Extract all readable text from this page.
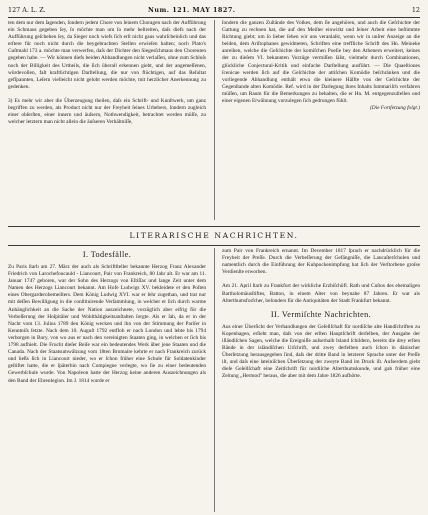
127 A. L. Z.	Num. 121. MAY 1827.	12

ten dem nur dem ſagenden, ſondern jedem Chore von ſeinem Choragen nach der Aufführung ein Schmaus gegeben ſey, ſo möchte man um ſo mehr beſtreiten, daſs diefs nach der Aufführung geſchehen ſey, da Sieger noch wiefs ſich erſt nicht gaus wahrſcheinlich und das erſtere für noch nicht durch die beygebrachten Stellen erwieſen halten; noch Plato's Gaſtmahl 173 a. möchte man verwerfen, daſs der Dichter den Siegesſchmaus den Choreuten gegeben habe. — Wir können diefs beiden Abhandlungen nicht verlaſſen, ohne zum Schluſs noch der Billigkeit des Urtheils, die ſich überall erkennen giebt, und der angemeſſenen, würdevollen, faſt kraftlichtigen Darſtellung, die nur von flüchtigen, auf das Reſultat gefſpannten, Leſern vielleicht nicht gelobt werden möchte, mit herzlicher Anerkennung zu gedenken.

3) Es mehr wir aber die Überzeugung theilen, daſs ein Schrift- und Kunſtwerk, um ganz begriffen zu werden, als Product nicht nur der Freyheit ſeines Urhebers, ſondern zugleich einer obſerſten, einer innern und äuſsern, Nothwendigkeit, betrachtet werden müſſe, zu welcher letztern man nicht allein die äuſseren Verhältniſſe,

ſondern die ganzen Zuſtände des Volkes, dem ſie angehören, und auch die Geſchichte der Gattung zu rechnen hat, die auf den Meiſter einwirkt und ſeiner Arbeit eine beſtimmte Richtung giebt; um ſo lieber ſehen wir uns veranlaſst, wenn wir in unſrer Anzeige an die beiden, dem Ariſtophanes gewidmeten, Schriften eine treffliche Schrift des Hn. Meineke anreihen, welche die Geſchichte der komiſchen Poeſie bey den Athenern erweitert, keines der zu dieſem VI. bekannten Vorzüge vermiſſen läſst, vielmehr durch Combinationen, glückliche Conjectural-Kritik und einfache Darſtellung ausführt. — Die Quaeſtiones ſcenicae werden ſich auf die Geſchichte der attiſchen Komödie beſchränken und die vorliegende Abhandlung enthält etwa die kleinere Hälfte von der Geſchichte der Gegenſtande alten Komödie. Ref. wird in der Darlegung ihres Inhalts ſummariſch verfahren müſſen, um Raum für die Bemerkungen zu behalten, die er Hn. M. entgegenzuſtellen und einer eigenen Erwähnung vorzulegen ſich gedrungen fühlt.

(Die Fortſetzung folgt.)

LITERARISCHE NACHRICHTEN.
I. Todesfälle.

Zu Paris ſtarb am 27. März der auch als Schriftſteller bekannte Herzog Franz Alexander Friedrich von Larochefoucauld - Liancourt, Pair von Frankreich, 80 Jahr alt. Er war am 11. Januar 1747 geboren, war der Sohn des Herzogs von Eſtiſſac und lange Zeit unter dem Namen des Herzogs Liancourt bekannt. Am Hofe Ludwigs XV. bekleidete er den Poſten eines Obergarderobemeiſters. Dem König Ludwig XVI. war er ſehr zugethan, und trat nur mit deſſen Bewilligung in die conſtituirende Verſammlung, in welcher er ſich durch warme Anhänglichkeit an die Sache der Nation auszeichnete, vorzüglich aber eifrig für die Verbeſſerung der Hoſpitäler und Wohlthätigkeitsanſtalten ſorgte. Als er ſah, da er in der Nacht vom 13. Julius 1789 den König wecken und ihn von der Stimmung der Pariſer in Kenntniſs ſetzte. Nach dem 10. Auguſt 1792 entfloh er nach London und lebte bis 1794 verborgen in Bury, von wo aus er nach den vereinigten Staaten ging, in welchen er ſich bis 1798 aufhielt. Die Frucht dieſer Reiſe war ein bedeutendes Werk über jene Staaten und die Canada. Nach der Staatsumwälzung vom 18ten Brumaire kehrte er nach Frankreich zurück und ließs ſich in Liancourt nieder, wo er ſchon früher eine Schule für Soldatenkinder geſtiftet hatte, die er ſpäterhin nach Compiegne verlegte, wo ſie zu einer bedeutenden Gewerbſchule wurde. Von Napoleon hatte der Herzog keine anderen Auszeichnungen als den Band der Ehrenlegion. Im J. 1814 wurde er

zum Pair von Frankreich ernannt. Im December 1817 ſprach er nachdrücklich für die Freyheit der Preſſe. Durch die Verbeſſerung der Gefängniſſe, die Lancaſterſchulen und namentlich durch die Einführung der Kuhpockenimpfung hat ſich der Verſtorbene groſse Verdienſte erworben.

Am 21. April ſtarb zu Frankfurt der wirkliche Erzbiſchöfl. Rath und Cuſtos des ehemaligen Bartholomäusſtiftes, Batton, in einem Alter von beynahe 87 Jahren. Er war als Alterthumsforſcher, beſonders für die Antiquitäten der Stadt Frankfurt bekannt.

II. Vermiſchte Nachrichten.

Aus einer Überſicht der Verhandlungen der Geſellſchaft für nordiſche alte Handſchriften zu Kopenhagen, erſieht man, daſs von der erſten Hauptſchrift derſelben, der Ausgabe der iſländiſchen Sagen, welche die Ereigniſſe auſserhalb Island ſchildern, bereits die drey erſten Bände in der isländiſchen Urſchrift, und zwey derſelben auch ſchon in dänischer Überſetzung herausgegeben ſind, daſs der dritte Band in letzterer Sprache unter der Preſſe iſt, und daſs eine lateiniſchen Überſetzung der zweyte Band im Druck iſt. Aufserdem giebt dieſe Geſellſchaft eine Zeitſchrift für nordiſche Alterthumskunde, und gab früher eine Zeitung „Hermod" heraus, die aber mit dem Jahre 1826 aufhörte.
